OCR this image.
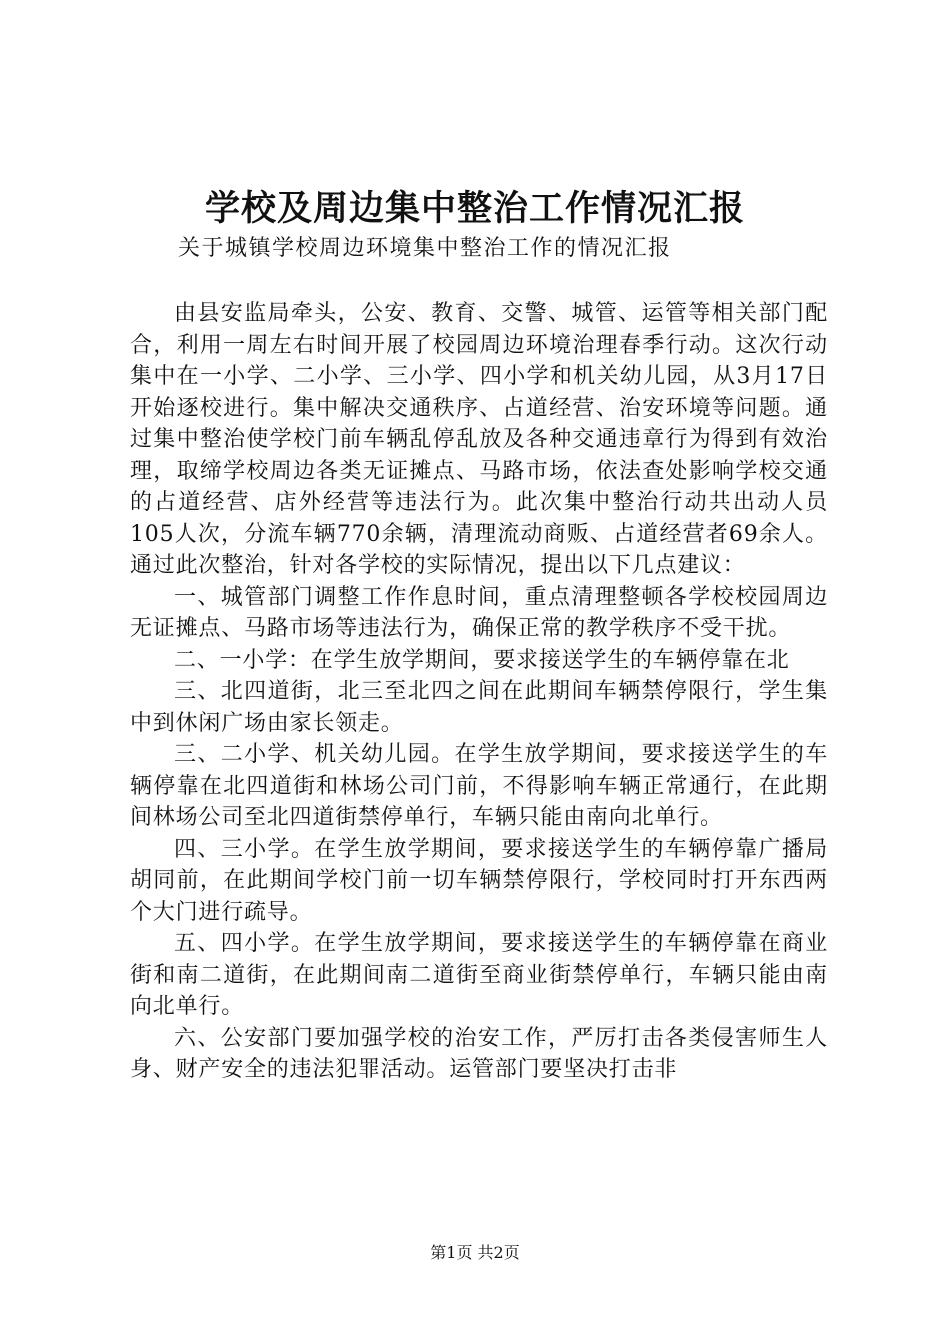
学校及周边集中整治工作情况汇报
关于城镇学校周边环境集中整治工作的情况汇报

由县安监局牵头，公安、教育、交警、城管、运管等相关部门配合，利用一周左右时间开展了校园周边环境治理春季行动。这次行动集中在一小学、二小学、三小学、四小学和机关幼儿园，从3月17日开始逐校进行。集中解决交通秩序、占道经营、治安环境等问题。通过集中整治使学校门前车辆乱停乱放及各种交通违章行为得到有效治理，取缔学校周边各类无证摊点、马路市场，依法查处影响学校交通的占道经营、店外经营等违法行为。此次集中整治行动共出动人员105人次，分流车辆770余辆，清理流动商贩、占道经营者69余人。通过此次整治，针对各学校的实际情况，提出以下几点建议：

一、城管部门调整工作作息时间，重点清理整顿各学校校园周边无证摊点、马路市场等违法行为，确保正常的教学秩序不受干扰。

二、一小学：在学生放学期间，要求接送学生的车辆停靠在北

三、北四道街，北三至北四之间在此期间车辆禁停限行，学生集中到休闲广场由家长领走。

三、二小学、机关幼儿园。在学生放学期间，要求接送学生的车辆停靠在北四道街和林场公司门前，不得影响车辆正常通行，在此期间林场公司至北四道街禁停单行，车辆只能由南向北单行。

四、三小学。在学生放学期间，要求接送学生的车辆停靠广播局胡同前，在此期间学校门前一切车辆禁停限行，学校同时打开东西两个大门进行疏导。

五、四小学。在学生放学期间，要求接送学生的车辆停靠在商业街和南二道街，在此期间南二道街至商业街禁停单行，车辆只能由南向北单行。

六、公安部门要加强学校的治安工作，严厉打击各类侵害师生人身、财产安全的违法犯罪活动。运管部门要坚决打击非

第1页 共2页
